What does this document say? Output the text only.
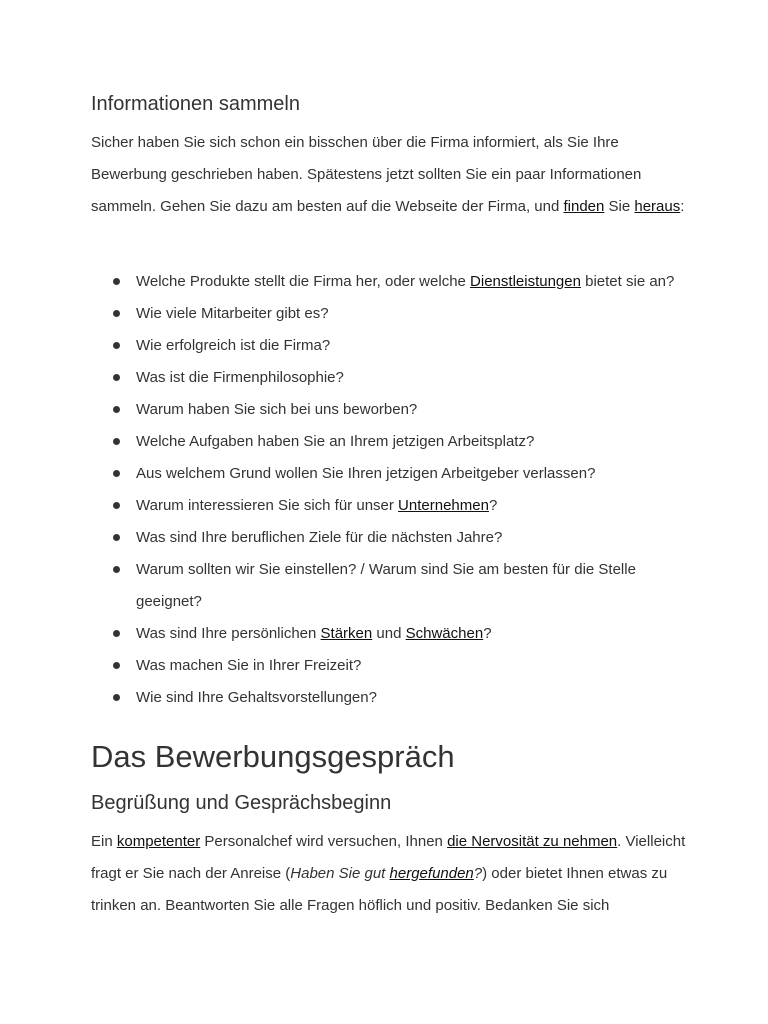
Informationen sammeln

Sicher haben Sie sich schon ein bisschen über die Firma informiert, als Sie Ihre Bewerbung geschrieben haben. Spätestens jetzt sollten Sie ein paar Informationen sammeln. Gehen Sie dazu am besten auf die Webseite der Firma, und finden Sie heraus:

Welche Produkte stellt die Firma her, oder welche Dienstleistungen bietet sie an?
Wie viele Mitarbeiter gibt es?
Wie erfolgreich ist die Firma?
Was ist die Firmenphilosophie?
Warum haben Sie sich bei uns beworben?
Welche Aufgaben haben Sie an Ihrem jetzigen Arbeitsplatz?
Aus welchem Grund wollen Sie Ihren jetzigen Arbeitgeber verlassen?
Warum interessieren Sie sich für unser Unternehmen?
Was sind Ihre beruflichen Ziele für die nächsten Jahre?
Warum sollten wir Sie einstellen? / Warum sind Sie am besten für die Stelle geeignet?
Was sind Ihre persönlichen Stärken und Schwächen?
Was machen Sie in Ihrer Freizeit?
Wie sind Ihre Gehaltsvorstellungen?
Das Bewerbungsgespräch
Begrüßung und Gesprächsbeginn

Ein kompetenter Personalchef wird versuchen, Ihnen die Nervosität zu nehmen. Vielleicht fragt er Sie nach der Anreise (Haben Sie gut hergefunden?) oder bietet Ihnen etwas zu trinken an. Beantworten Sie alle Fragen höflich und positiv. Bedanken Sie sich
